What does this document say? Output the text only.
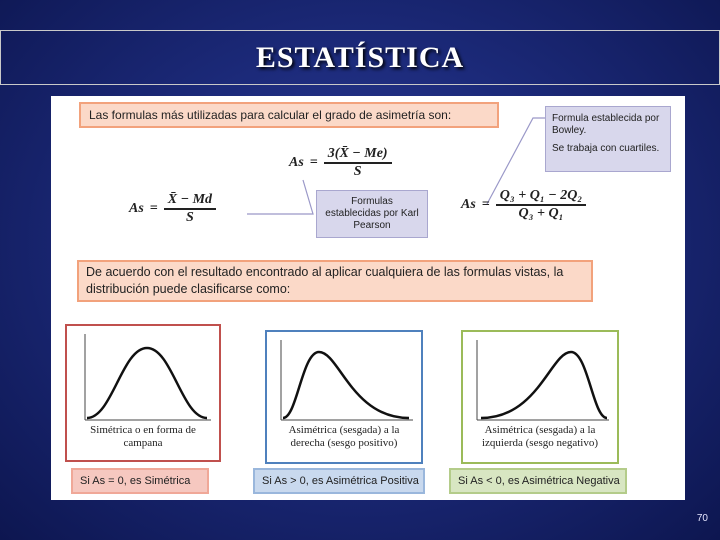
ESTATÍSTICA
Las formulas más utilizadas para calcular el grado de asimetría son:
$As = \frac{3(X̄ - Me)}{S}$
$As = \frac{X̄ - Md}{S}$	Formulas establecidas por Karl Pearson
Formula establecida por Bowley.
Se trabaja con cuartiles.
$As = \frac{\text{Q₃ + Q₁ − 2Q₂}}{\text{Q₃ + Q₁}}$
De acuerdo con el resultado encontrado al aplicar cualquiera de las formulas vistas, la distribución puede clasificarse como:
Simétrica o en forma de campana
Asimétrica (sesgada) a la derecha (sesgo positivo)
Asimétrica (sesgada) a la izquierda (sesgo negativo)
Si As = 0, es Simétrica	Si As > 0, es Asimétrica Positiva	Si As < 0, es Asimétrica Negativa
70
